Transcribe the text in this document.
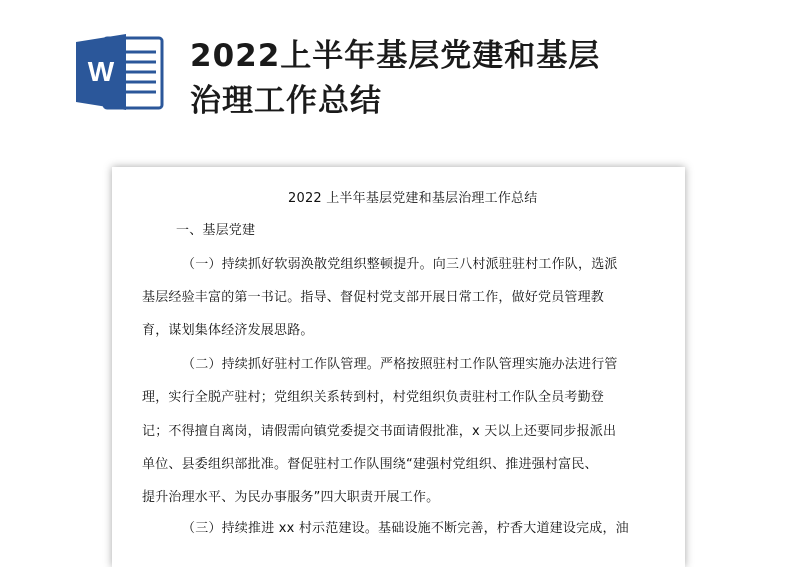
W 2022上半年基层党建和基层
治理工作总结
2022 上半年基层党建和基层治理工作总结
一、基层党建
（一）持续抓好软弱涣散党组织整顿提升。向三八村派驻驻村工作队，选派
基层经验丰富的第一书记。指导、督促村党支部开展日常工作，做好党员管理教
育，谋划集体经济发展思路。
（二）持续抓好驻村工作队管理。严格按照驻村工作队管理实施办法进行管
理，实行全脱产驻村；党组织关系转到村，村党组织负责驻村工作队全员考勤登
记；不得擅自离岗，请假需向镇党委提交书面请假批准，x 天以上还要同步报派出
单位、县委组织部批准。督促驻村工作队围绕“建强村党组织、推进强村富民、
提升治理水平、为民办事服务”四大职责开展工作。
（三）持续推进 xx 村示范建设。基础设施不断完善，柠香大道建设完成，油
